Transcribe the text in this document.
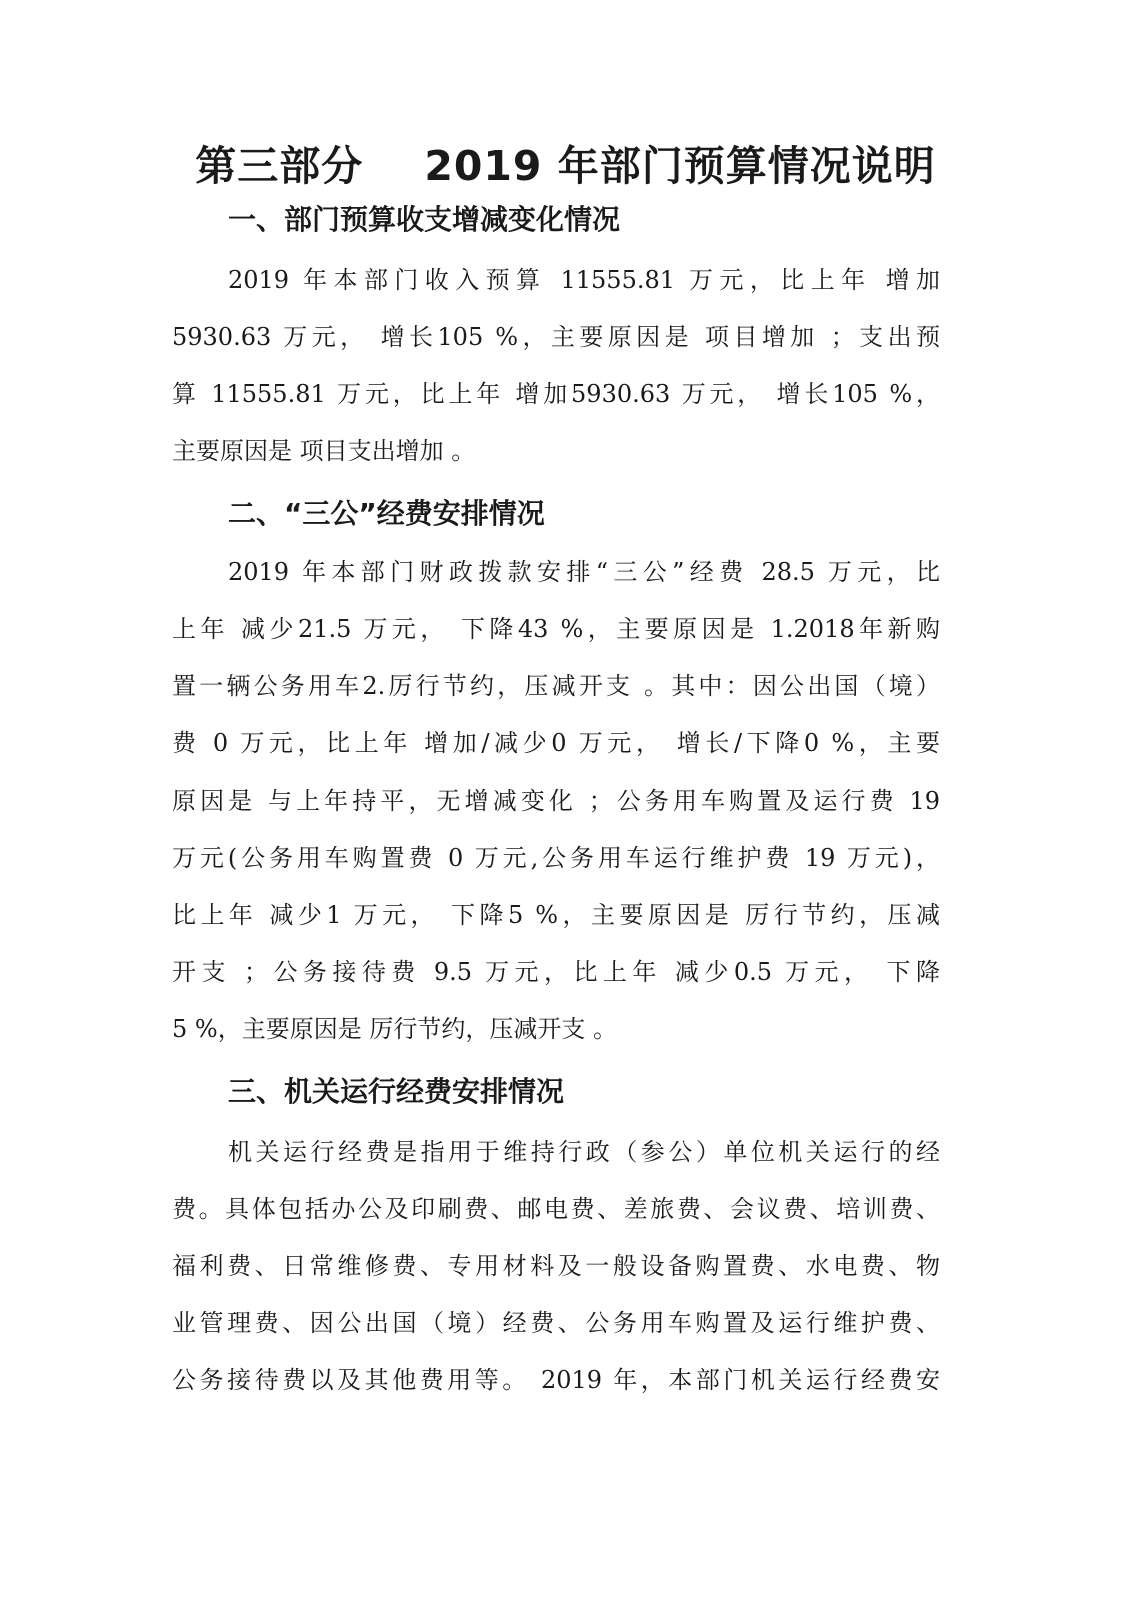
第三部分    2019 年部门预算情况说明
一、部门预算收支增减变化情况
2019 年本部门收入预算 11555.81 万元，比上年 增加
5930.63 万元， 增长105 %，主要原因是 项目增加 ；支出预
算 11555.81 万元，比上年 增加5930.63 万元， 增长105 %，
主要原因是 项目支出增加 。
二、“三公”经费安排情况
2019 年本部门财政拨款安排“三公”经费 28.5 万元，比
上年 减少21.5 万元， 下降43 %，主要原因是 1.2018年新购
置一辆公务用车2.厉行节约，压减开支 。其中：因公出国（境）
费 0 万元，比上年 增加/减少0 万元， 增长/下降0 %，主要
原因是 与上年持平，无增减变化 ；公务用车购置及运行费 19
万元(公务用车购置费 0 万元,公务用车运行维护费 19 万元)，
比上年 减少1 万元， 下降5 %，主要原因是 厉行节约，压减
开支 ；公务接待费 9.5 万元，比上年 减少0.5 万元， 下降
5 %，主要原因是 厉行节约，压减开支 。
三、机关运行经费安排情况
机关运行经费是指用于维持行政（参公）单位机关运行的经
费。具体包括办公及印刷费、邮电费、差旅费、会议费、培训费、
福利费、日常维修费、专用材料及一般设备购置费、水电费、物
业管理费、因公出国（境）经费、公务用车购置及运行维护费、
公务接待费以及其他费用等。 2019 年，本部门机关运行经费安
